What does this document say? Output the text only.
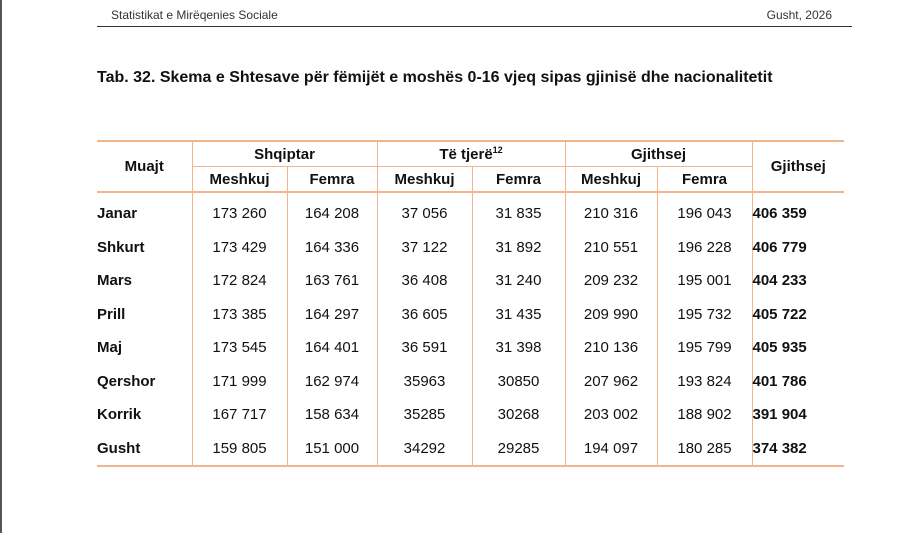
Statistikat e Mirëqenies Sociale	Gusht, 2026
Tab. 32. Skema e Shtesave për fëmijët e moshës 0-16 vjeq sipas gjinisë dhe nacionalitetit
Muajt	Shqiptar		Të tjerë$^{12}$		Gjithsej		Gjithsej
	Meshkuj	Femra	Meshkuj	Femra	Meshkuj	Femra	
Janar	173 260	164 208	37 056	31 835	210 316	196 043	406 359
Shkurt	173 429	164 336	37 122	31 892	210 551	196 228	406 779
Mars	172 824	163 761	36 408	31 240	209 232	195 001	404 233
Prill	173 385	164 297	36 605	31 435	209 990	195 732	405 722
Maj	173 545	164 401	36 591	31 398	210 136	195 799	405 935
Qershor	171 999	162 974	35963	30850	207 962	193 824	401 786
Korrik	167 717	158 634	35285	30268	203 002	188 902	391 904
Gusht	159 805	151 000	34292	29285	194 097	180 285	374 382
